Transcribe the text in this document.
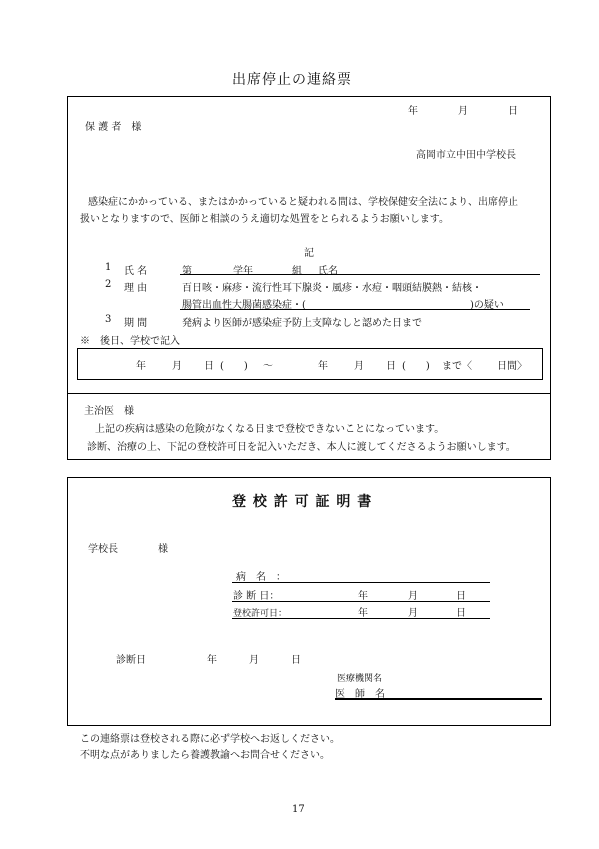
出席停止の連絡票
年	月	日
保 護 者　様
高岡市立中田中学校長
感染症にかかっている、またはかかっていると疑われる間は、学校保健安全法により、出席停止
扱いとなりますので、医師と相談のうえ適切な処置をとられるようお願いします。
記
1 氏 名	第	学年	組 氏名
2 理 由	百日咳・麻疹・流行性耳下腺炎・風疹・水痘・咽頭結膜熱・結核・
腸管出血性大腸菌感染症・(	)の疑い
3 期 間	発病より医師が感染症予防上支障なしと認めた日まで
※　後日、学校で記入
年	月 日 (　　) 〜	年	月 日 (　　) まで〈	日間〉
主治医　様
上記の疾病は感染の危険がなくなる日まで登校できないことになっています。
診断、治療の上、下記の登校許可日を記入いただき、本人に渡してくださるようお願いします。
登 校 許 可 証 明 書
学校長	様
病　名　：
診 断 日：	年	月	日
登校許可日：	年	月	日
診断日	年	月	日
医療機関名
医　師　名
この連絡票は登校される際に必ず学校へお返しください。
不明な点がありましたら養護教諭へお問合せください。
17
